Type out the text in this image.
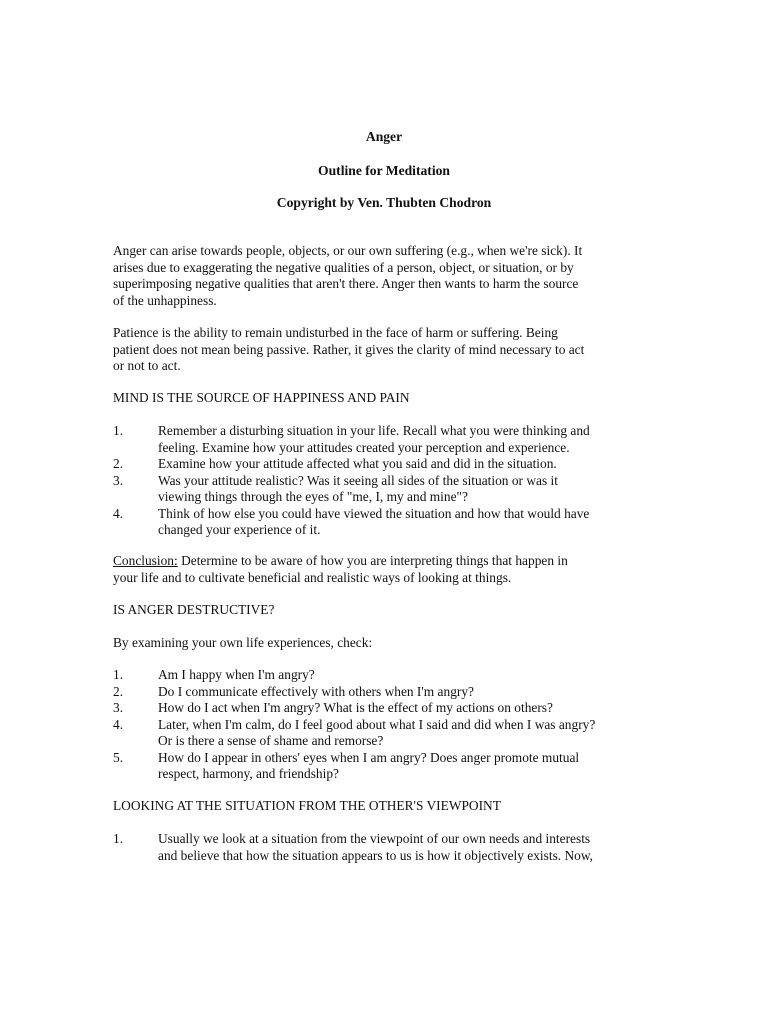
Anger
Outline for Meditation
Copyright by Ven. Thubten Chodron
Anger can arise towards people, objects, or our own suffering (e.g., when we're sick). It
arises due to exaggerating the negative qualities of a person, object, or situation, or by
superimposing negative qualities that aren't there. Anger then wants to harm the source
of the unhappiness.
Patience is the ability to remain undisturbed in the face of harm or suffering. Being
patient does not mean being passive. Rather, it gives the clarity of mind necessary to act
or not to act.
MIND IS THE SOURCE OF HAPPINESS AND PAIN
1.	Remember a disturbing situation in your life. Recall what you were thinking and
feeling. Examine how your attitudes created your perception and experience.
2.	Examine how your attitude affected what you said and did in the situation.
3.	Was your attitude realistic? Was it seeing all sides of the situation or was it
viewing things through the eyes of "me, I, my and mine"?
4.	Think of how else you could have viewed the situation and how that would have
changed your experience of it.
Conclusion: Determine to be aware of how you are interpreting things that happen in
your life and to cultivate beneficial and realistic ways of looking at things.
IS ANGER DESTRUCTIVE?
By examining your own life experiences, check:
1.	Am I happy when I'm angry?
2.	Do I communicate effectively with others when I'm angry?
3.	How do I act when I'm angry? What is the effect of my actions on others?
4.	Later, when I'm calm, do I feel good about what I said and did when I was angry?
Or is there a sense of shame and remorse?
5.	How do I appear in others' eyes when I am angry? Does anger promote mutual
respect, harmony, and friendship?
LOOKING AT THE SITUATION FROM THE OTHER'S VIEWPOINT
1.	Usually we look at a situation from the viewpoint of our own needs and interests
and believe that how the situation appears to us is how it objectively exists. Now,
